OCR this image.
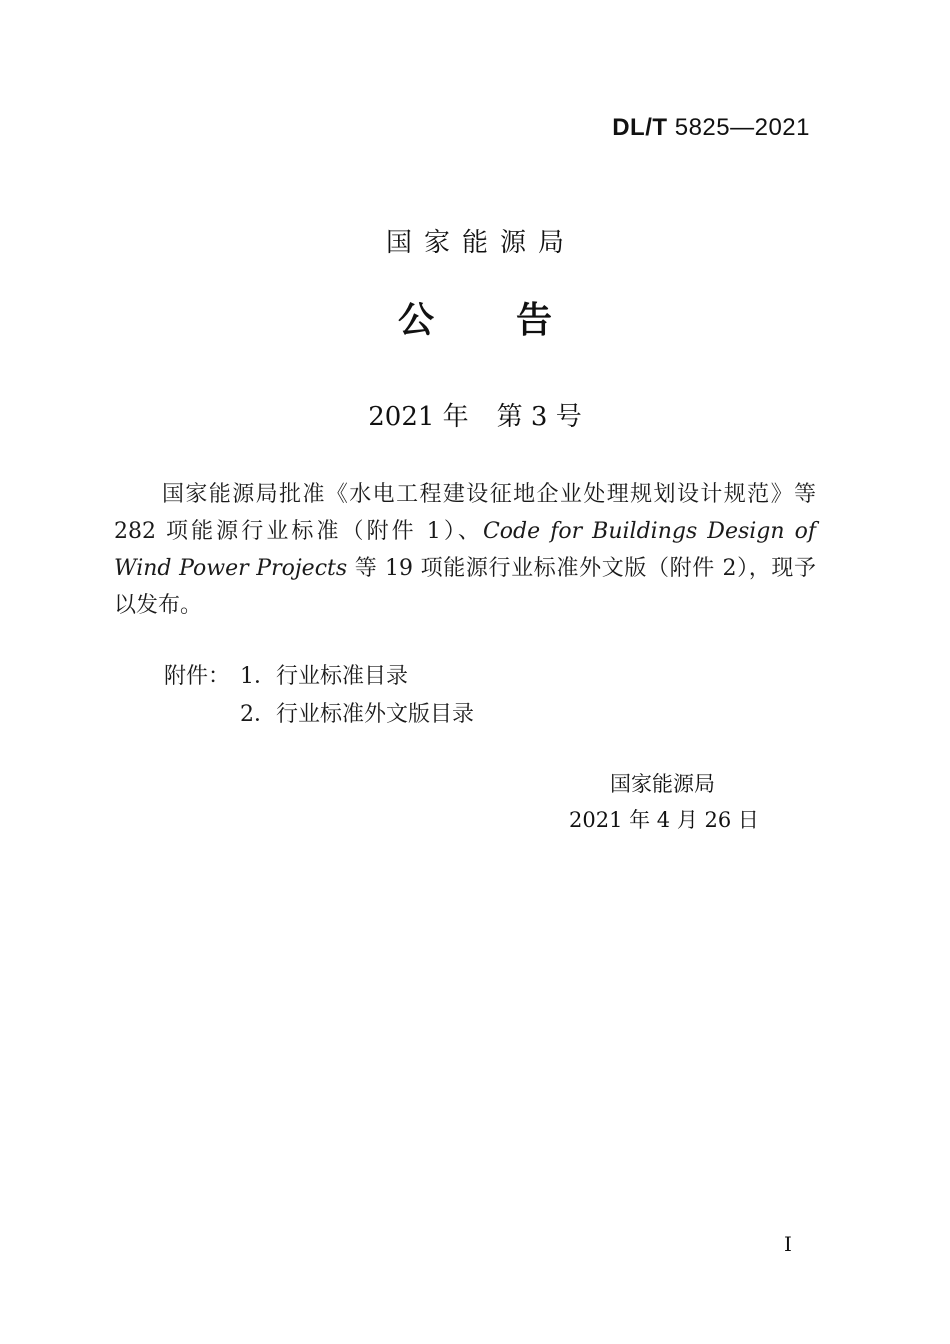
DL/T 5825—2021
国家能源局
公告
2021 年 第 3 号
国家能源局批准《水电工程建设征地企业处理规划设计规范》等 282 项能源行业标准（附件 1）、Code for Buildings Design of Wind Power Projects 等 19 项能源行业标准外文版（附件 2），现予以发布。
附件： 1．行业标准目录
2．行业标准外文版目录
国家能源局
2021 年 4 月 26 日
I
